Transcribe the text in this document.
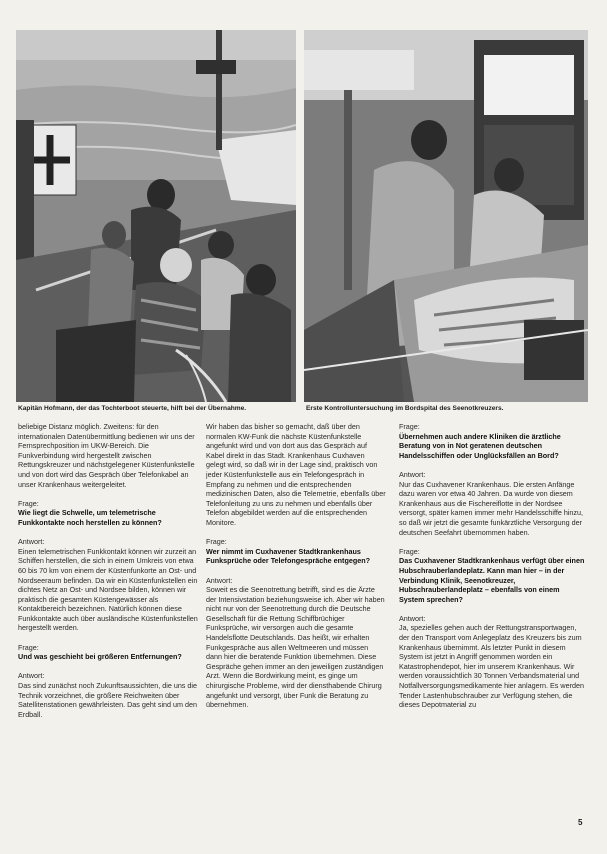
Kapitän Hofmann, der das Tochterboot steuerte, hilft bei der Übernahme.	Erste Kontrolluntersuchung im Bordspital des Seenotkreuzers.

beliebige Distanz möglich. Zweitens: für den internationalen Datenübermittlung bedienen wir uns der Fernsprechposition im UKW-Bereich. Die Funkverbindung wird hergestellt zwischen Rettungskreuzer und nächstgelegener Küstenfunkstelle und von dort wird das Gespräch über Telefonkabel an unser Krankenhaus weitergeleitet.

Frage:

Wie liegt die Schwelle, um telemetrische Funkkontakte noch herstellen zu können?

Antwort:

Einen telemetrischen Funkkontakt können wir zurzeit an Schiffen herstellen, die sich in einem Umkreis von etwa 60 bis 70 km von einem der Küstenfunkorte an Ost- und Nordseeraum befinden. Da wir ein Küstenfunkstellen ein dichtes Netz an Ost- und Nordsee bilden, können wir praktisch die gesamten Küstengewässer als Kontaktbereich bezeichnen. Natürlich können diese Funkkontakte auch über ausländische Küstenfunkstellen hergestellt werden.

Frage:

Und was geschieht bei größeren Entfernungen?

Antwort:

Das sind zunächst noch Zukunftsaussichten, die uns die Technik vorzeichnet, die größere Reichweiten über Satellitenstationen gewährleisten. Das geht sind um den Erdball.

Wir haben das bisher so gemacht, daß über den normalen KW-Funk die nächste Küstenfunkstelle angefunkt wird und von dort aus das Gespräch auf Kabel direkt in das Stadt. Krankenhaus Cuxhaven gelegt wird, so daß wir in der Lage sind, praktisch von jeder Küstenfunkstelle aus ein Telefongespräch in Empfang zu nehmen und die entsprechenden medizinischen Daten, also die Telemetrie, ebenfalls über Telefonleitung zu uns zu nehmen und ebenfalls über Telefon abgebildet werden auf die entsprechenden Monitore.

Frage:

Wer nimmt im Cuxhavener Stadtkrankenhaus Funksprüche oder Telefongespräche entgegen?

Antwort:

Soweit es die Seenotrettung betrifft, sind es die Ärzte der Intensivstation beziehungsweise ich. Aber wir haben nicht nur von der Seenotrettung durch die Deutsche Gesellschaft für die Rettung Schiffbrüchiger Funksprüche, wir versorgen auch die gesamte Handelsflotte Deutschlands. Das heißt, wir erhalten Funkgespräche aus allen Weltmeeren und müssen dann hier die beratende Funktion übernehmen. Diese Gespräche gehen immer an den jeweiligen zuständigen Arzt. Wenn die Bordwirkung meint, es ginge um chirurgische Probleme, wird der diensthabende Chirurg angefunkt und versorgt, über Funk die Beratung zu übernehmen.

Frage:

Übernehmen auch andere Kliniken die ärztliche Beratung von in Not geratenen deutschen Handelsschiffen oder Unglücksfällen an Bord?

Antwort:

Nur das Cuxhavener Krankenhaus. Die ersten Anfänge dazu waren vor etwa 40 Jahren. Da wurde von diesem Krankenhaus aus die Fischereiflotte in der Nordsee versorgt, später kamen immer mehr Handelsschiffe hinzu, so daß wir jetzt die gesamte funkärztliche Versorgung der deutschen Seefahrt übernommen haben.

Frage:

Das Cuxhavener Stadtkrankenhaus verfügt über einen Hubschrauberlandeplatz. Kann man hier – in der Verbindung Klinik, Seenotkreuzer, Hubschrauberlandeplatz – ebenfalls von einem System sprechen?

Antwort:

Ja, spezielles gehen auch der Rettungstransportwagen, der den Transport vom Anlegeplatz des Kreuzers bis zum Krankenhaus übernimmt. Als letzter Punkt in diesem System ist jetzt in Angriff genommen worden ein Katastrophendepot, hier im unserem Krankenhaus. Wir werden voraussichtlich 30 Tonnen Verbandsmaterial und Notfallversorgungsmedikamente hier anlagern. Es werden Tender Lastenhubschrauber zur Verfügung stehen, die dieses Depotmaterial zu

5
